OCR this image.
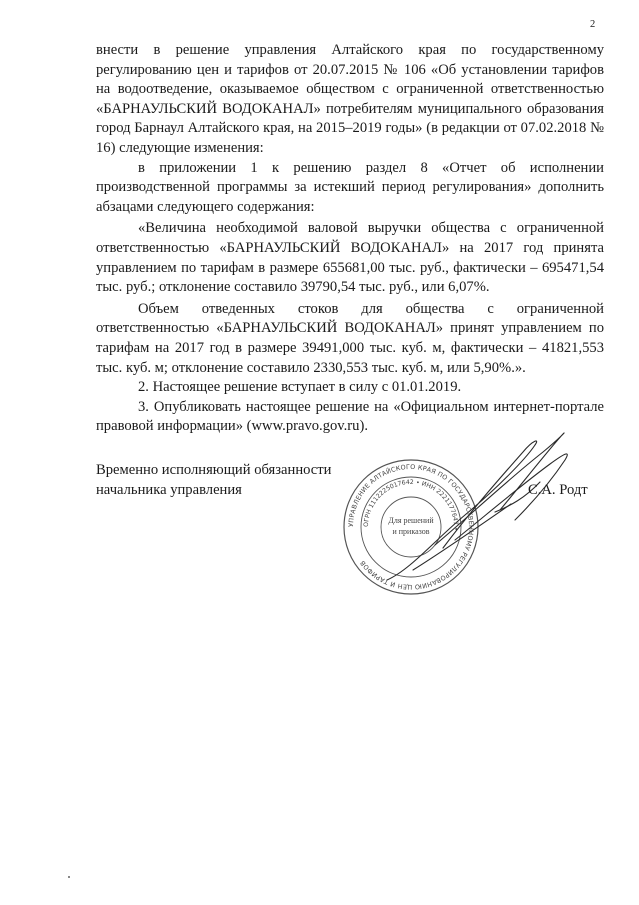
2

внести в решение управления Алтайского края по государственному регулированию цен и тарифов от 20.07.2015 № 106 «Об установлении тарифов на водоотведение, оказываемое обществом с ограниченной ответственностью «БАРНАУЛЬСКИЙ ВОДОКАНАЛ» потребителям муниципального образования город Барнаул Алтайского края, на 2015–2019 годы» (в редакции от 07.02.2018 № 16) следующие изменения:

в приложении 1 к решению раздел 8 «Отчет об исполнении производственной программы за истекший период регулирования» дополнить абзацами следующего содержания:

«Величина необходимой валовой выручки общества с ограниченной ответственностью «БАРНАУЛЬСКИЙ ВОДОКАНАЛ» на 2017 год принята управлением по тарифам в размере 655681,00 тыс. руб., фактически – 695471,54 тыс. руб.; отклонение составило 39790,54 тыс. руб., или 6,07%.

Объем отведенных стоков для общества с ограниченной ответственностью «БАРНАУЛЬСКИЙ ВОДОКАНАЛ» принят управлением по тарифам на 2017 год в размере 39491,000 тыс. куб. м, фактически – 41821,553 тыс. куб. м; отклонение составило 2330,553 тыс. куб. м, или 5,90%.».

2. Настоящее решение вступает в силу с 01.01.2019.

3. Опубликовать настоящее решение на «Официальном интернет-портале правовой информации» (www.pravo.gov.ru).

Временно исполняющий обязанности
начальника управления
УПРАВЛЕНИЕ АЛТАЙСКОГО КРАЯ ПО ГОСУДАРСТВЕННОМУ РЕГУЛИРОВАНИЮ ЦЕН И ТАРИФОВ
ОГРН 1112225017642 • ИНН 2221177647 •
Для решений
и приказов
С.А. Родт
